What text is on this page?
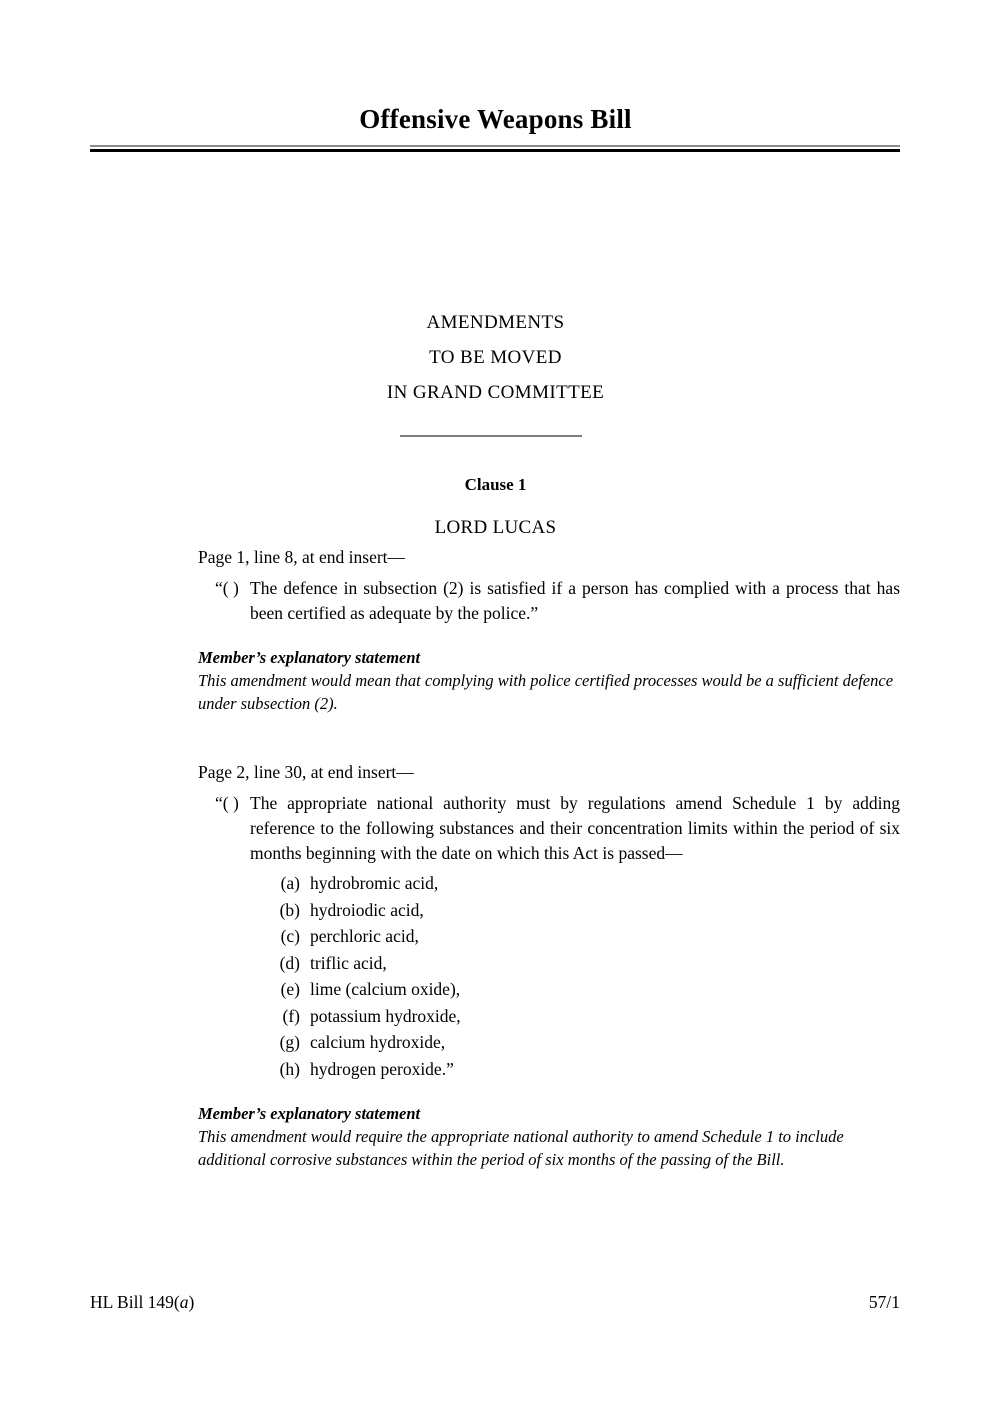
Offensive Weapons Bill
AMENDMENTS
TO BE MOVED
IN GRAND COMMITTEE
Clause 1
LORD LUCAS

Page 1, line 8, at end insert—

“( ) The defence in subsection (2) is satisfied if a person has complied with a process that has been certified as adequate by the police.”

Member’s explanatory statement
This amendment would mean that complying with police certified processes would be a sufficient defence under subsection (2).

Page 2, line 30, at end insert—

“( ) The appropriate national authority must by regulations amend Schedule 1 by adding reference to the following substances and their concentration limits within the period of six months beginning with the date on which this Act is passed—

(a) hydrobromic acid,
(b) hydroiodic acid,
(c) perchloric acid,
(d) triflic acid,
(e) lime (calcium oxide),
(f) potassium hydroxide,
(g) calcium hydroxide,
(h) hydrogen peroxide.”
Member’s explanatory statement
This amendment would require the appropriate national authority to amend Schedule 1 to include additional corrosive substances within the period of six months of the passing of the Bill.
HL Bill 149(a)	57/1
